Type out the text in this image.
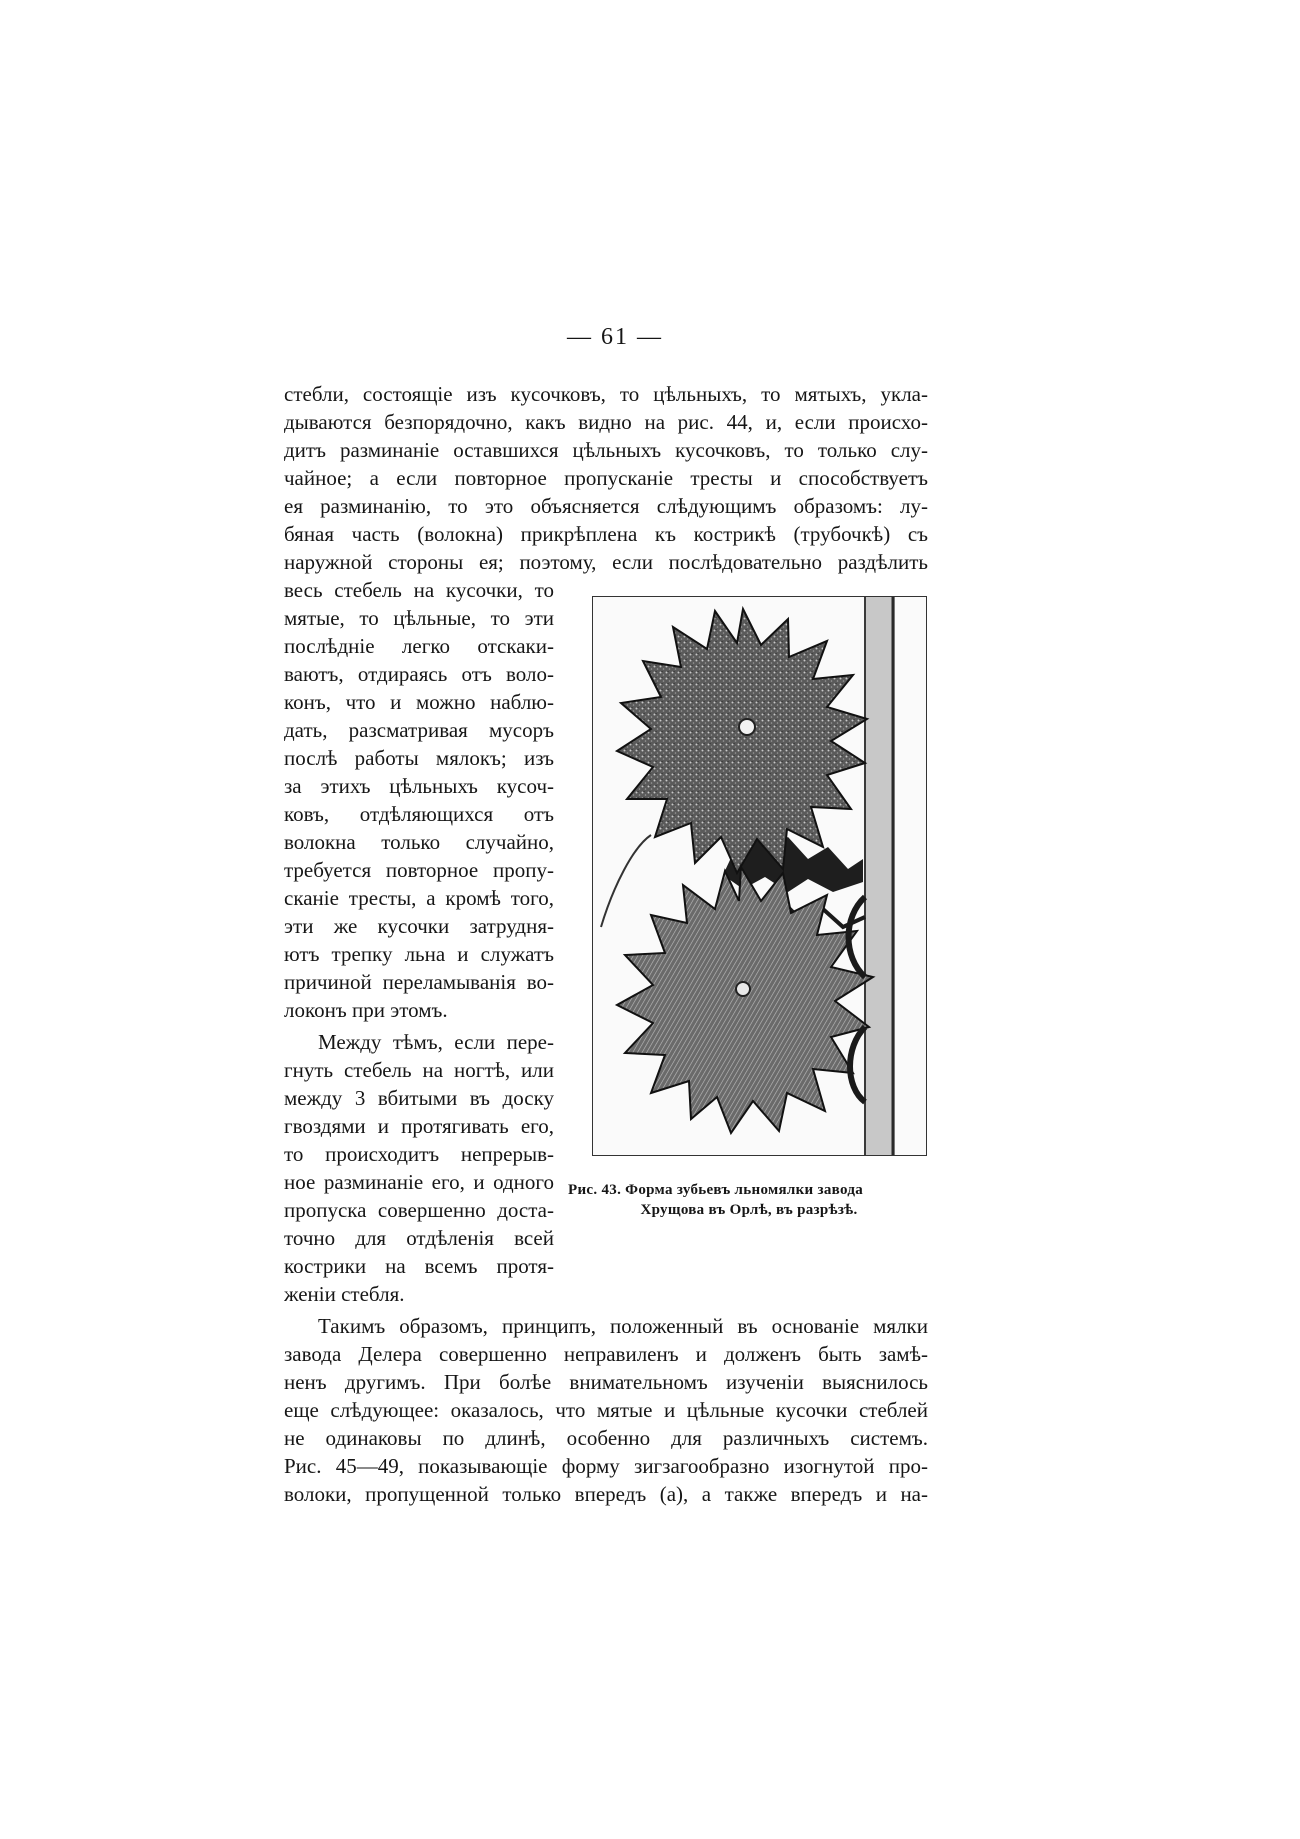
— 61 —
стебли, состоящіе изъ кусочковъ, то цѣльныхъ, то мятыхъ, укла-
дываются безпорядочно, какъ видно на рис. 44, и, если происхо-
дитъ разминаніе оставшихся цѣльныхъ кусочковъ, то только слу-
чайное; а если повторное пропусканіе тресты и способствуетъ
ея разминанію, то это объясняется слѣдующимъ образомъ: лу-
бяная часть (волокна) прикрѣплена къ кострикѣ (трубочкѣ) съ
наружной стороны ея; поэтому, если послѣдовательно раздѣлить
весь стебель на кусочки, то
мятые, то цѣльные, то эти
послѣдніе легко отскаки-
ваютъ, отдираясь отъ воло-
конъ, что и можно наблю-
дать, разсматривая мусоръ
послѣ работы мялокъ; изъ
за этихъ цѣльныхъ кусоч-
ковъ, отдѣляющихся отъ
волокна только случайно,
требуется повторное пропу-
сканіе тресты, а кромѣ того,
эти же кусочки затрудня-
ютъ трепку льна и служатъ
причиной переламыванія во-
локонъ при этомъ.
Между тѣмъ, если пере-
гнуть стебель на ногтѣ, или
между 3 вбитыми въ доску
гвоздями и протягивать его,
то происходитъ непрерыв-
ное разминаніе его, и одного
пропуска совершенно доста-
точно для отдѣленія всей
кострики на всемъ протя-
женіи стебля.
Такимъ образомъ, принципъ, положенный въ основаніе мялки
завода Делера совершенно неправиленъ и долженъ быть замѣ-
ненъ другимъ. При болѣе внимательномъ изученіи выяснилось
еще слѣдующее: оказалось, что мятые и цѣльные кусочки стеблей
не одинаковы по длинѣ, особенно для различныхъ системъ.
Рис. 45—49, показывающіе форму зигзагообразно изогнутой про-
волоки, пропущенной только впередъ (а), а также впередъ и на-
Рис. 43. Форма зубьевъ льномялки завода
Хрущова въ Орлѣ, въ разрѣзѣ.
